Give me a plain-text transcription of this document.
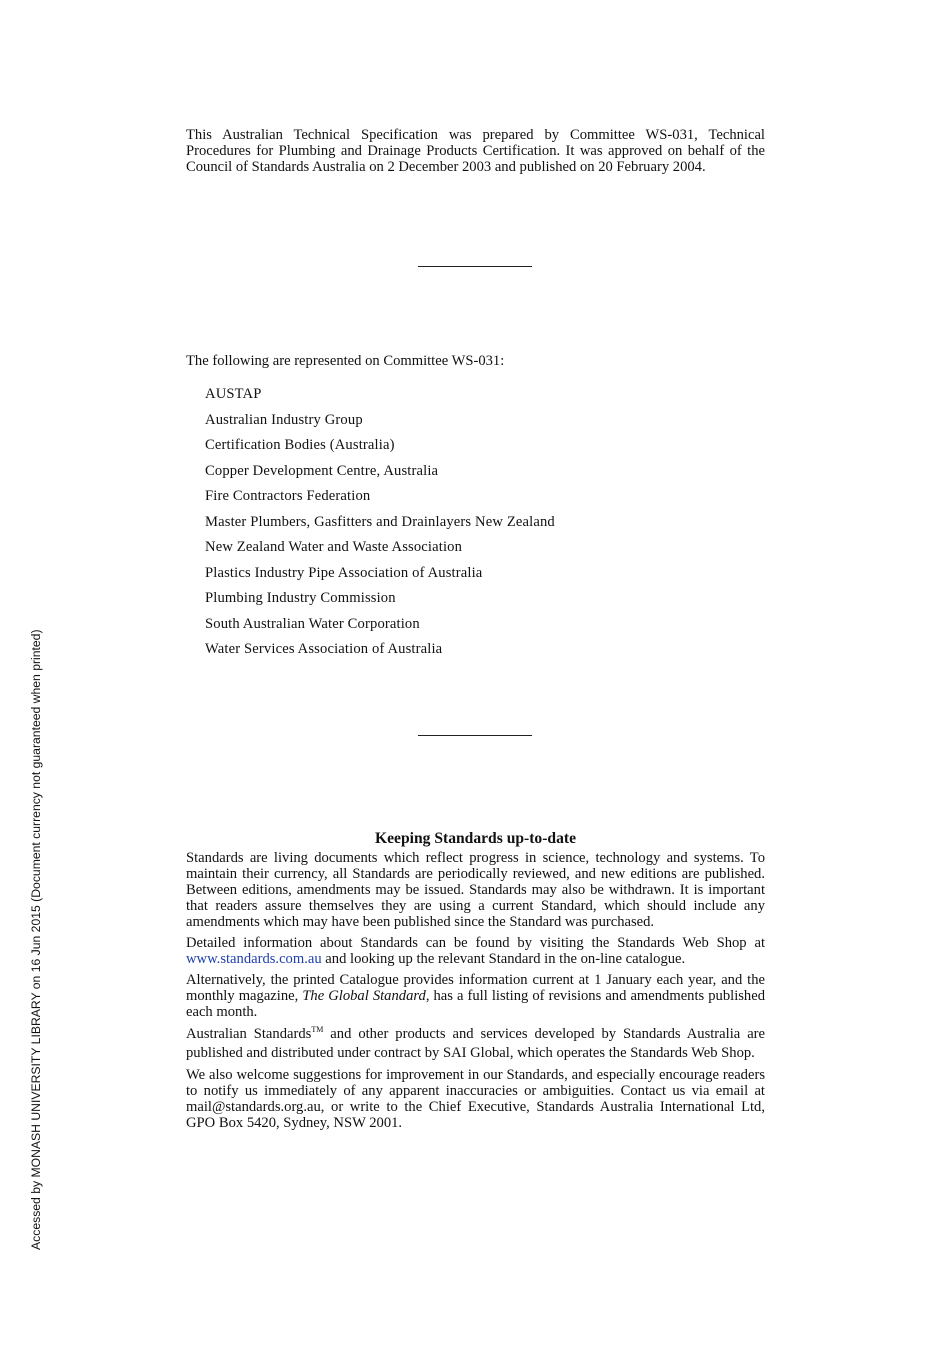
This Australian Technical Specification was prepared by Committee WS-031, Technical Procedures for Plumbing and Drainage Products Certification. It was approved on behalf of the Council of Standards Australia on 2 December 2003 and published on 20 February 2004.

The following are represented on Committee WS-031:

AUSTAP
Australian Industry Group
Certification Bodies (Australia)
Copper Development Centre, Australia
Fire Contractors Federation
Master Plumbers, Gasfitters and Drainlayers New Zealand
New Zealand Water and Waste Association
Plastics Industry Pipe Association of Australia
Plumbing Industry Commission
South Australian Water Corporation
Water Services Association of Australia
Keeping Standards up-to-date

Standards are living documents which reflect progress in science, technology and systems. To maintain their currency, all Standards are periodically reviewed, and new editions are published. Between editions, amendments may be issued. Standards may also be withdrawn. It is important that readers assure themselves they are using a current Standard, which should include any amendments which may have been published since the Standard was purchased.

Detailed information about Standards can be found by visiting the Standards Web Shop at www.standards.com.au and looking up the relevant Standard in the on-line catalogue.

Alternatively, the printed Catalogue provides information current at 1 January each year, and the monthly magazine, The Global Standard, has a full listing of revisions and amendments published each month.

Australian Standards™ and other products and services developed by Standards Australia are published and distributed under contract by SAI Global, which operates the Standards Web Shop.

We also welcome suggestions for improvement in our Standards, and especially encourage readers to notify us immediately of any apparent inaccuracies or ambiguities. Contact us via email at mail@standards.org.au, or write to the Chief Executive, Standards Australia International Ltd, GPO Box 5420, Sydney, NSW 2001.

Accessed by MONASH UNIVERSITY LIBRARY on 16 Jun 2015 (Document currency not guaranteed when printed)
